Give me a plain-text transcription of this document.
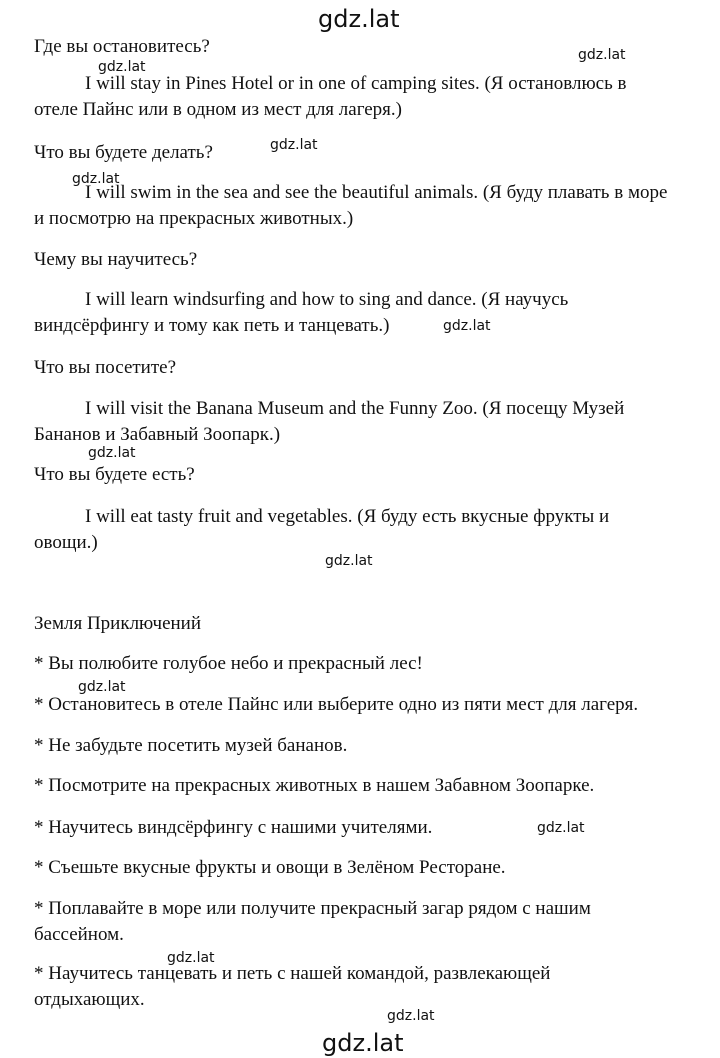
gdz.lat
Где вы остановитесь?
I will stay in Pines Hotel or in one of camping sites. (Я остановлюсь в
отеле Пайнс или в одном из мест для лагеря.)
Что вы будете делать?
I will swim in the sea and see the beautiful animals. (Я буду плавать в море
и посмотрю на прекрасных животных.)
Чему вы научитесь?
I will learn windsurfing and how to sing and dance. (Я научусь
виндсёрфингу и тому как петь и танцевать.)
Что вы посетите?
I will visit the Banana Museum and the Funny Zoo. (Я посещу Музей
Бананов и Забавный Зоопарк.)
Что вы будете есть?
I will eat tasty fruit and vegetables. (Я буду есть вкусные фрукты и
овощи.)
Земля Приключений
* Вы полюбите голубое небо и прекрасный лес!
* Остановитесь в отеле Пайнс или выберите одно из пяти мест для лагеря.
* Не забудьте посетить музей бананов.
* Посмотрите на прекрасных животных в нашем Забавном Зоопарке.
* Научитесь виндсёрфингу с нашими учителями.
* Съешьте вкусные фрукты и овощи в Зелёном Ресторане.
* Поплавайте в море или получите прекрасный загар рядом с нашим
бассейном.
* Научитесь танцевать и петь с нашей командой, развлекающей
отдыхающих.
gdz.lat
gdz.lat
gdz.lat
gdz.lat
gdz.lat
gdz.lat
gdz.lat
gdz.lat
gdz.lat
gdz.lat
gdz.lat
gdz.lat
